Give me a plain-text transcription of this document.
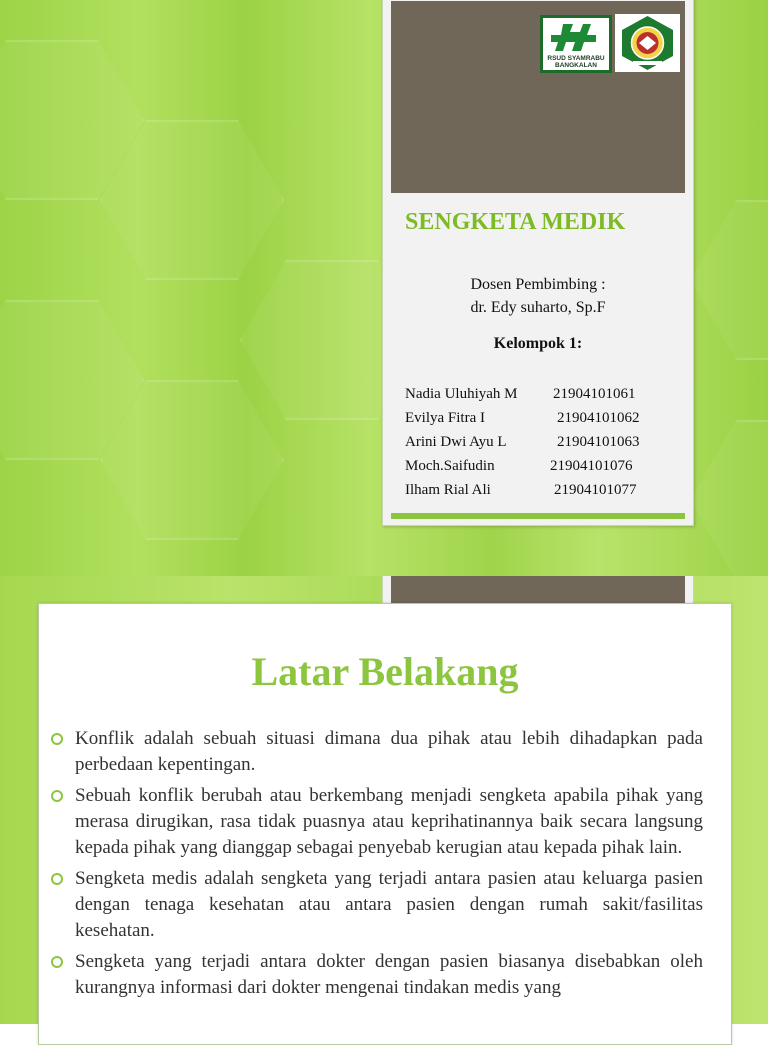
RSUD SYAMRABU
BANGKALAN
SENGKETA MEDIK
Dosen Pembimbing :
dr. Edy suharto, Sp.F
Kelompok 1:
Nadia Uluhiyah M 21904101061
Evilya Fitra I	21904101062
Arini Dwi Ayu L	21904101063
Moch.Saifudin	21904101076
Ilham Rial Ali	21904101077
Latar Belakang
Konflik adalah sebuah situasi dimana dua pihak atau lebih dihadapkan pada perbedaan kepentingan.
Sebuah konflik berubah atau berkembang menjadi sengketa apabila pihak yang merasa dirugikan, rasa tidak puasnya atau keprihatinannya baik secara langsung kepada pihak yang dianggap sebagai penyebab kerugian atau kepada pihak lain.
Sengketa medis adalah sengketa yang terjadi antara pasien atau keluarga pasien dengan tenaga kesehatan atau antara pasien dengan rumah sakit/fasilitas kesehatan.
Sengketa yang terjadi antara dokter dengan pasien biasanya disebabkan oleh kurangnya informasi dari dokter mengenai tindakan medis yang
